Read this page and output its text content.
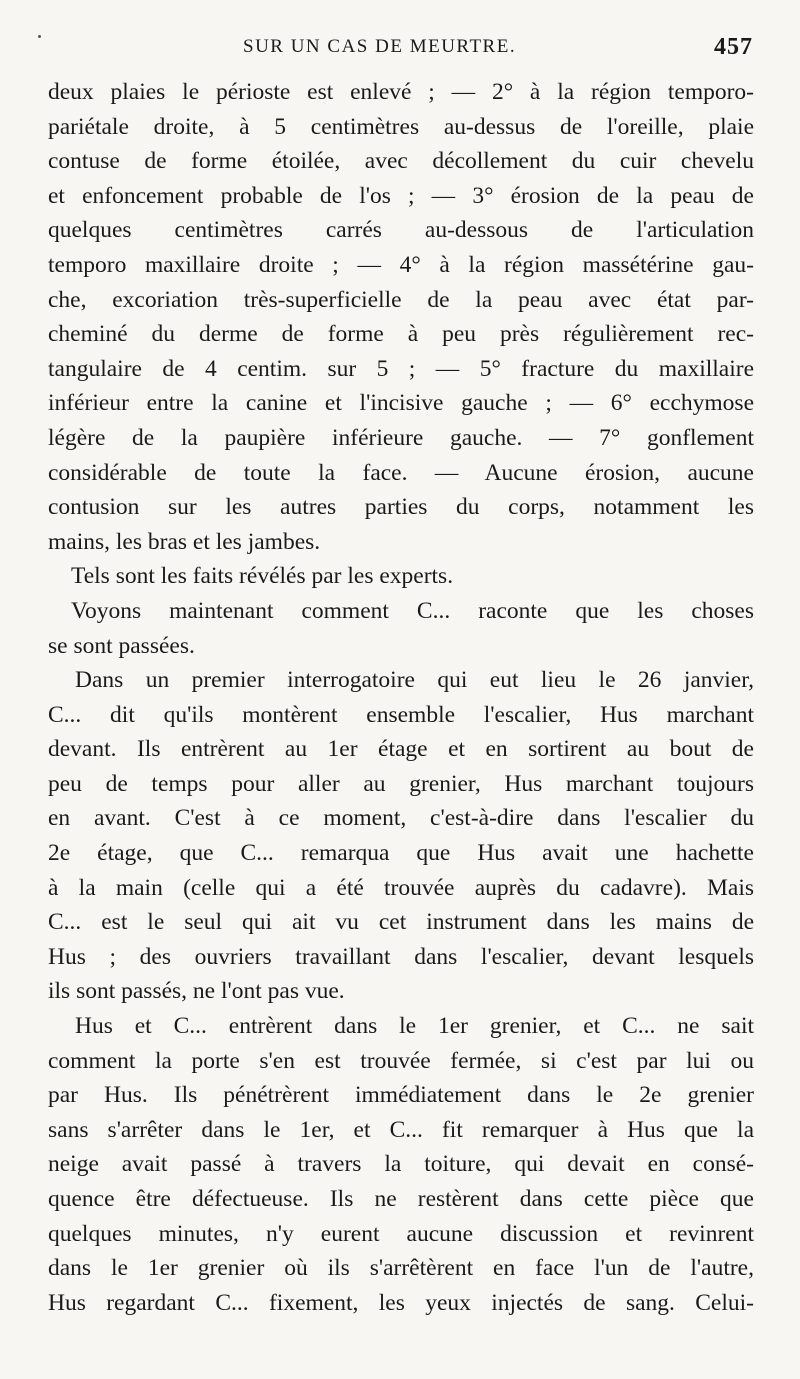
SUR UN CAS DE MEURTRE.	457
deux plaies le périoste est enlevé ; — 2° à la région temporo-
pariétale droite, à 5 centimètres au-dessus de l'oreille, plaie
contuse de forme étoilée, avec décollement du cuir chevelu
et enfoncement probable de l'os ; — 3° érosion de la peau de
quelques centimètres carrés au-dessous de l'articulation
temporo maxillaire droite ; — 4° à la région massétérine gau-
che, excoriation très-superficielle de la peau avec état par-
cheminé du derme de forme à peu près régulièrement rec-
tangulaire de 4 centim. sur 5 ; — 5° fracture du maxillaire
inférieur entre la canine et l'incisive gauche ; — 6° ecchymose
légère de la paupière inférieure gauche. — 7° gonflement
considérable de toute la face. — Aucune érosion, aucune
contusion sur les autres parties du corps, notamment les
mains, les bras et les jambes.
Tels sont les faits révélés par les experts.
Voyons maintenant comment C... raconte que les choses
se sont passées.
Dans un premier interrogatoire qui eut lieu le 26 janvier,
C... dit qu'ils montèrent ensemble l'escalier, Hus marchant
devant. Ils entrèrent au 1er étage et en sortirent au bout de
peu de temps pour aller au grenier, Hus marchant toujours
en avant. C'est à ce moment, c'est-à-dire dans l'escalier du
2e étage, que C... remarqua que Hus avait une hachette
à la main (celle qui a été trouvée auprès du cadavre). Mais
C... est le seul qui ait vu cet instrument dans les mains de
Hus ; des ouvriers travaillant dans l'escalier, devant lesquels
ils sont passés, ne l'ont pas vue.
Hus et C... entrèrent dans le 1er grenier, et C... ne sait
comment la porte s'en est trouvée fermée, si c'est par lui ou
par Hus. Ils pénétrèrent immédiatement dans le 2e grenier
sans s'arrêter dans le 1er, et C... fit remarquer à Hus que la
neige avait passé à travers la toiture, qui devait en consé-
quence être défectueuse. Ils ne restèrent dans cette pièce que
quelques minutes, n'y eurent aucune discussion et revinrent
dans le 1er grenier où ils s'arrêtèrent en face l'un de l'autre,
Hus regardant C... fixement, les yeux injectés de sang. Celui-
